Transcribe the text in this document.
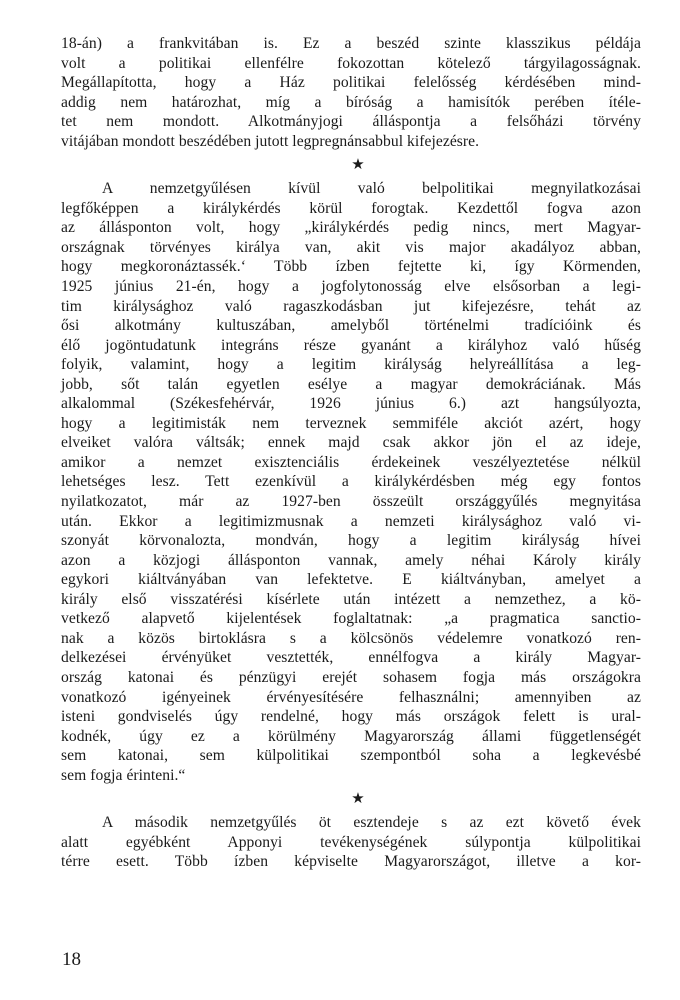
18-án) a frankvitában is. Ez a beszéd szinte klasszikus példája
volt a politikai ellenfélre fokozottan kötelező tárgyilagosságnak.
Megállapította, hogy a Ház politikai felelősség kérdésében mind-
addig nem határozhat, míg a bíróság a hamisítók perében ítéle-
tet nem mondott. Alkotmányjogi álláspontja a felsőházi törvény
vitájában mondott beszédében jutott legpregnánsabbul kifejezésre.
★
A nemzetgyűlésen kívül való belpolitikai megnyilatkozásai
legfőképpen a királykérdés körül forogtak. Kezdettől fogva azon
az állásponton volt, hogy „királykérdés pedig nincs, mert Magyar-
országnak törvényes királya van, akit vis major akadályoz abban,
hogy megkoronáztassék.‘ Több ízben fejtette ki, így Körmenden,
1925 június 21-én, hogy a jogfolytonosság elve elsősorban a legi-
tim királysághoz való ragaszkodásban jut kifejezésre, tehát az
ősi alkotmány kultuszában, amelyből történelmi tradícióink és
élő jogöntudatunk integráns része gyanánt a királyhoz való hűség
folyik, valamint, hogy a legitim királyság helyreállítása a leg-
jobb, sőt talán egyetlen esélye a magyar demokráciának. Más
alkalommal (Székesfehérvár, 1926 június 6.) azt hangsúlyozta,
hogy a legitimisták nem terveznek semmiféle akciót azért, hogy
elveiket valóra váltsák; ennek majd csak akkor jön el az ideje,
amikor a nemzet exisztenciális érdekeinek veszélyeztetése nélkül
lehetséges lesz. Tett ezenkívül a királykérdésben még egy fontos
nyilatkozatot, már az 1927-ben összeült országgyűlés megnyitása
után. Ekkor a legitimizmusnak a nemzeti királysághoz való vi-
szonyát körvonalozta, mondván, hogy a legitim királyság hívei
azon a közjogi állásponton vannak, amely néhai Károly király
egykori kiáltványában van lefektetve. E kiáltványban, amelyet a
király első visszatérési kísérlete után intézett a nemzethez, a kö-
vetkező alapvető kijelentések foglaltatnak: „a pragmatica sanctio-
nak a közös birtoklásra s a kölcsönös védelemre vonatkozó ren-
delkezései érvényüket vesztették, ennélfogva a király Magyar-
ország katonai és pénzügyi erejét sohasem fogja más országokra
vonatkozó igényeinek érvényesítésére felhasználni; amennyiben az
isteni gondviselés úgy rendelné, hogy más országok felett is ural-
kodnék, úgy ez a körülmény Magyarország állami függetlenségét
sem katonai, sem külpolitikai szempontból soha a legkevésbé
sem fogja érinteni.“
★
A második nemzetgyűlés öt esztendeje s az ezt követő évek
alatt egyébként Apponyi tevékenységének súlypontja külpolitikai
térre esett. Több ízben képviselte Magyarországot, illetve a kor-
18
